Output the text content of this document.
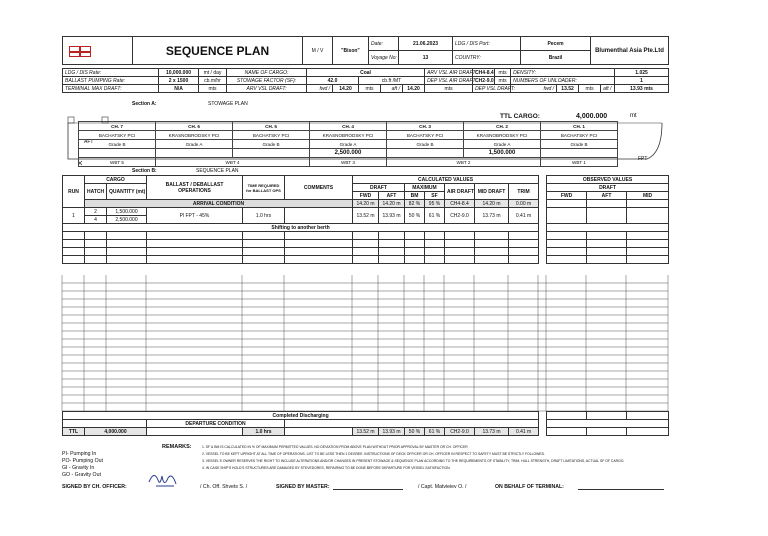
	SEQUENCE PLAN	M / V	"Bison"	Date:	21.06.2023	LDG / DIS Port:	Pecem	Blumenthal Asia Pte.Ltd
				Voyage No:	13	COUNTRY:	Brazil	
LDG / DIS Rate:	10,000.000	mt / day	NAME OF CARGO:	Coal					ARV VSL AIR DRAFT:	CH4-8.4	mts	DENSITY:				1.025
BALLAST PUMPING Rate:	2 x 1500	cb.m/hr	STOWAGE FACTOR (SF):	42.0		cb.ft /MT			DEP VSL AIR DRAFT:	CH2-9.0	mts	NUMBERS OF UNLOADER:				1
TERMINAL MAX DRAFT:	N/A	mts	ARV VSL DRAFT:	fwd /	14.20	mts	aft /	14.20	mts	DEP VSL DRAFT:		fwd /	13.52	mts	aft /	13.93 mts
Section A:	STOWAGE PLAN
AFT
FPT
TTL CARGO:	4,000.000	mt
CH. 7	CH. 6	CH. 5	CH. 4	CH. 3	CH. 2	CH. 1
BACHATSKY PCI	KRASNOBRODSKY PCI	BACHATSKY PCI	KRASNOBRODSKY PCI	BACHATSKY PCI	KRASNOBRODSKY PCI	BACHATSKY PCI
Grade B	Grade A	Grade B	Grade A	Grade B	Grade A	Grade B
			2,500.000		1,500.000	
WBT 5	WBT 4		WBT 3	WBT 2		WBT 1
Section B:	SEQUENCE PLAN
RUN	CARGO		BALLAST / DEBALLAST OPERATIONS	TIME REQUIRED for BALLAST OPS	COMMENTS	CALCULATED VALUES								OBSERVED VALUES		
	HATCH	QUANTITY (mt)				DRAFT		MAXIMUM		AIR DRAFT	MID DRAFT	TRIM		DRAFT		
						FWD	AFT	BM	SF					FWD	AFT	MID
	ARRIVAL CONDITION					14.20 m	14.20 m	82 %	95 %	CH4-8.4	14.20 m	0.00 m				
1	2	1,500.000	Pl FPT - 45%	1.0 hrs		13.52 m	13.93 m	50 %	61 %	CH2-9.0	13.73 m	0.41 m				
	4	2,500.000														
Shifting to another berth																

Completed Discharging															
		DEPARTURE CONDITION													
TTL	4,000.000		1.0 hrs		13.52 m	13.93 m	50 %	61 %	CH2-9.0	13.73 m	0.41 m				
REMARKS:	1. SF & BM IS CALCULATED IN % OF MAXIMUM PERMITTED VALUES. NO DEVIATION FROM ABOVE PLAN WITHOUT PRIOR APPROVAL BY MASTER OR CH. OFFICER
2. VESSEL TO BE KEPT UPRIGHT AT ALL TIME OF OPERATIONS. LIST TO BE LESS THEN 1 DEGREE. INSTRUCTIONS OF DECK OFFICER OR CH. OFFICER IN RESPECT TO SAFETY MUST BE STRICTLY FOLLOWED.
3. VESSEL'S OWNER RESERVES THE RIGHT TO INCLUDE ALTERATIONS AND/OR CHANGES IN PRESENT STOWAGE & SEQUENCE PLAN ACCORDING TO THE REQUIREMENTS OF STABILITY, TRIM, HULL STRENGTH, DRAFT LIMITATIONS, ACTUAL SF OF CARGO.
4. IN CASE SHIP'S HOLD'S STRUCTURES ARE DAMAGED BY STEVEDORES, REPAIRING TO BE DONE BEFORE DEPARTURE FOR VESSEL SATISFACTION.
PI- Pumping In
PO- Pumping Out
GI - Gravity In
GO - Gravity Out
SIGNED BY CH. OFFICER:	/ Ch. Off. Shvets S. /	SIGNED BY MASTER:	/ Capt. Matvieiev O. /	ON BEHALF OF TERMINAL:
